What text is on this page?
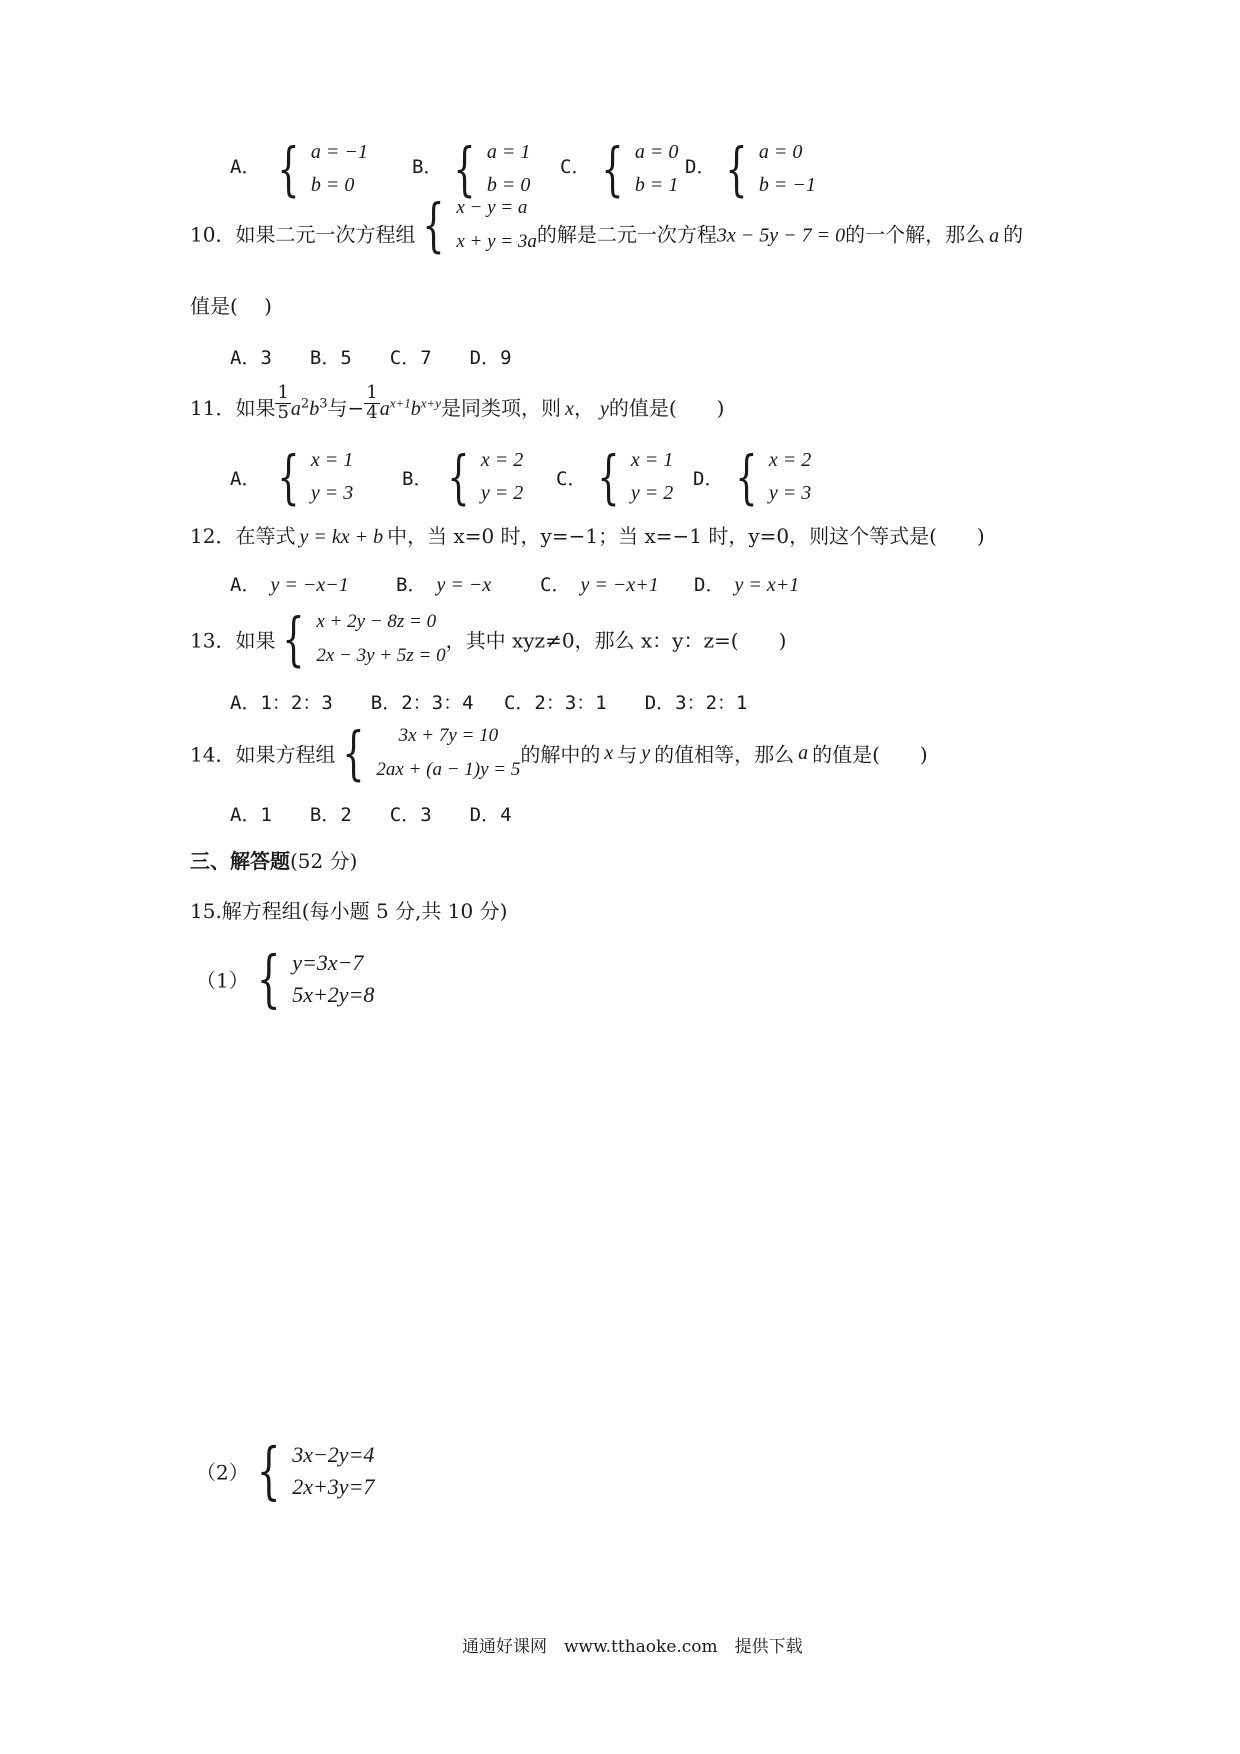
A． { a = −1
b = 0
B． { a = 1
b = 0
C． { a = 0
b = 1
D． { a = 0
b = −1
10．如果二元一次方程组 { x − y = a
x + y = 3a 的解是二元一次方程3x − 5y − 7 = 0的一个解，那么 a 的
值是(　 )
A．3　　B．5　　C．7　　D．9
11．如果 $\frac{1}{5} a^2b^3$与− $\frac{1}{4} a^{x+1}b^{x+y}$是同类项，则 x， y的值是(　　)
A． { x = 1
y = 3
B． { x = 2
y = 2
C． { x = 1
y = 2
D． { x = 2
y = 3
12．在等式 y = kx + b 中，当 x=0 时，y=−1；当 x=−1 时，y=0，则这个等式是(　　)
A． y = −x−1 B． y = −x	C． y = −x+1 D． y = x+1
13．如果 { x + 2y − 8z = 0
2x − 3y + 5z = 0
，其中 xyz≠0，那么 x：y：z=(　　)
A．1：2：3　　B．2：3：4　 C．2：3：1　　D．3：2：1
14．如果方程组 { 3x + 7y = 10
2ax + (a − 1)y = 5
的解中的 x 与 y 的值相等，那么 a 的值是(　　)
A．1　　B．2　　C．3　　D．4
三、解答题(52 分)
15.解方程组(每小题 5 分,共 10 分)
（1） { y=3x−7
5x+2y=8
（2） { 3x−2y=4
2x+3y=7
通通好课网　www.tthaoke.com　提供下载
